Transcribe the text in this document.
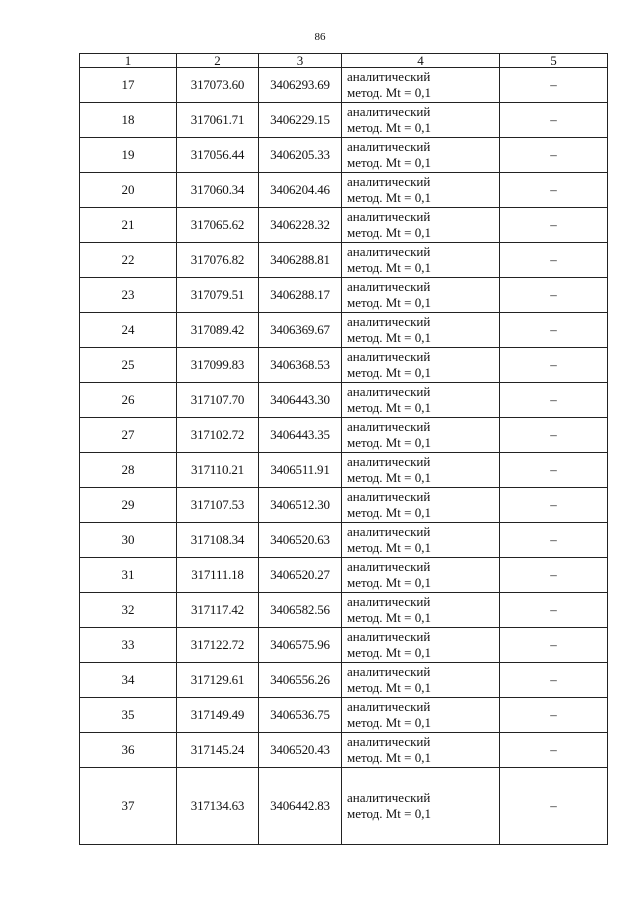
86
1	2	3	4	5
17	317073.60	3406293.69	аналитический
метод. Mt = 0,1	–
18	317061.71	3406229.15	аналитический
метод. Mt = 0,1	–
19	317056.44	3406205.33	аналитический
метод. Mt = 0,1	–
20	317060.34	3406204.46	аналитический
метод. Mt = 0,1	–
21	317065.62	3406228.32	аналитический
метод. Mt = 0,1	–
22	317076.82	3406288.81	аналитический
метод. Mt = 0,1	–
23	317079.51	3406288.17	аналитический
метод. Mt = 0,1	–
24	317089.42	3406369.67	аналитический
метод. Mt = 0,1	–
25	317099.83	3406368.53	аналитический
метод. Mt = 0,1	–
26	317107.70	3406443.30	аналитический
метод. Mt = 0,1	–
27	317102.72	3406443.35	аналитический
метод. Mt = 0,1	–
28	317110.21	3406511.91	аналитический
метод. Mt = 0,1	–
29	317107.53	3406512.30	аналитический
метод. Mt = 0,1	–
30	317108.34	3406520.63	аналитический
метод. Mt = 0,1	–
31	317111.18	3406520.27	аналитический
метод. Mt = 0,1	–
32	317117.42	3406582.56	аналитический
метод. Mt = 0,1	–
33	317122.72	3406575.96	аналитический
метод. Mt = 0,1	–
34	317129.61	3406556.26	аналитический
метод. Mt = 0,1	–
35	317149.49	3406536.75	аналитический
метод. Mt = 0,1	–
36	317145.24	3406520.43	аналитический
метод. Mt = 0,1	–
37	317134.63	3406442.83	аналитический
метод. Mt = 0,1	–
